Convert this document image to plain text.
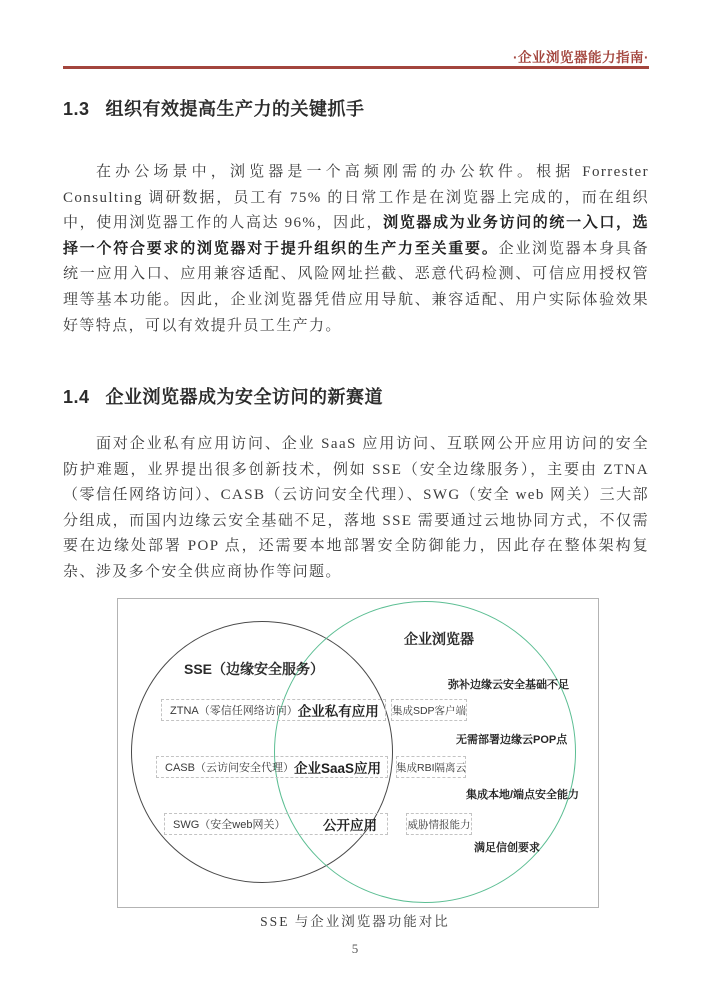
·企业浏览器能力指南·
1.3 组织有效提高生产力的关键抓手
在办公场景中，浏览器是一个高频刚需的办公软件。根据 Forrester Consulting 调研数据，员工有 75% 的日常工作是在浏览器上完成的，而在组织中，使用浏览器工作的人高达 96%，因此，浏览器成为业务访问的统一入口，选择一个符合要求的浏览器对于提升组织的生产力至关重要。企业浏览器本身具备统一应用入口、应用兼容适配、风险网址拦截、恶意代码检测、可信应用授权管理等基本功能。因此，企业浏览器凭借应用导航、兼容适配、用户实际体验效果好等特点，可以有效提升员工生产力。
1.4 企业浏览器成为安全访问的新赛道
面对企业私有应用访问、企业 SaaS 应用访问、互联网公开应用访问的安全防护难题，业界提出很多创新技术，例如 SSE（安全边缘服务），主要由 ZTNA（零信任网络访问）、CASB（云访问安全代理）、SWG（安全 web 网关）三大部分组成，而国内边缘云安全基础不足，落地 SSE 需要通过云地协同方式，不仅需要在边缘处部署 POP 点，还需要本地部署安全防御能力，因此存在整体架构复杂、涉及多个安全供应商协作等问题。
SSE（边缘安全服务）
企业浏览器
ZTNA（零信任网络访问） 企业私有应用 集成SDP客户端
CASB（云访问安全代理） 企业SaaS应用 集成RBI隔离云
SWG（安全web网关）	公开应用	威胁情报能力
弥补边缘云安全基础不足
无需部署边缘云POP点
集成本地/端点安全能力
满足信创要求
SSE 与企业浏览器功能对比
5
